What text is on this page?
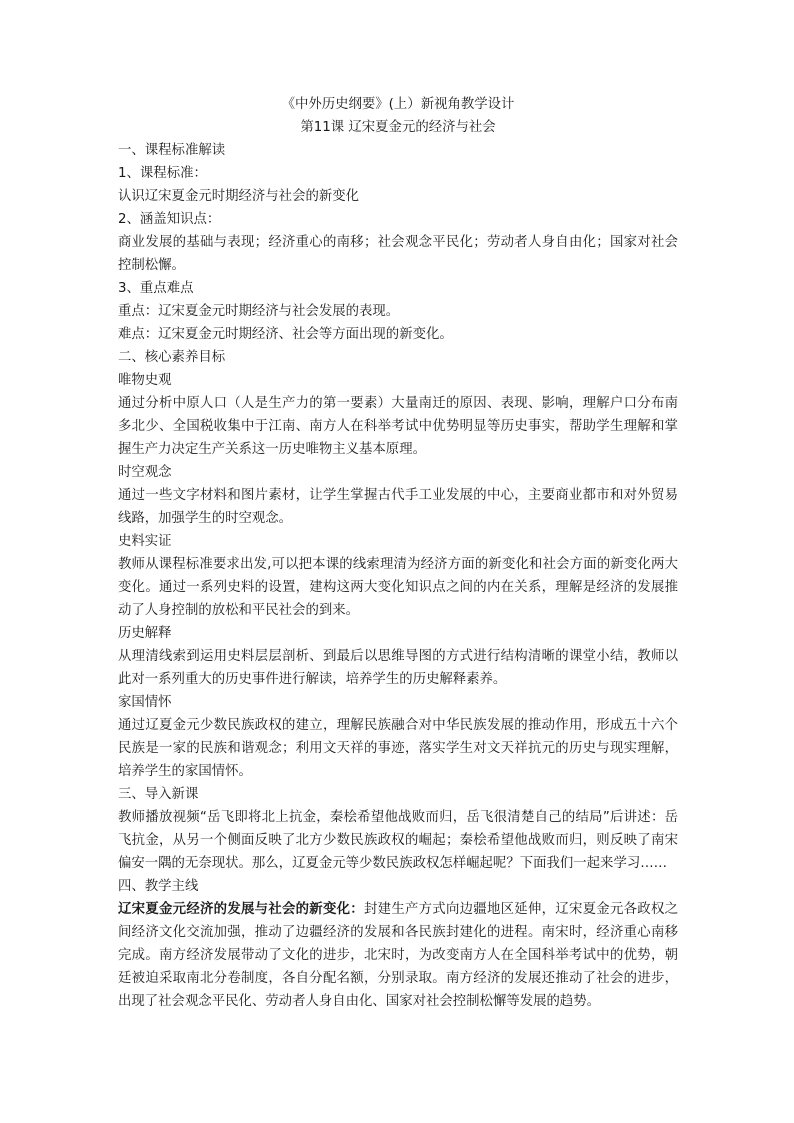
《中外历史纲要》(上）新视角教学设计

第11课 辽宋夏金元的经济与社会

一、课程标准解读

1、课程标准：

认识辽宋夏金元时期经济与社会的新变化

2、涵盖知识点：

商业发展的基础与表现；经济重心的南移；社会观念平民化；劳动者人身自由化；国家对社会控制松懈。

3、重点难点

重点：辽宋夏金元时期经济与社会发展的表现。

难点：辽宋夏金元时期经济、社会等方面出现的新变化。

二、核心素养目标

唯物史观

通过分析中原人口（人是生产力的第一要素）大量南迁的原因、表现、影响，理解户口分布南多北少、全国税收集中于江南、南方人在科举考试中优势明显等历史事实，帮助学生理解和掌握生产力决定生产关系这一历史唯物主义基本原理。

时空观念

通过一些文字材料和图片素材，让学生掌握古代手工业发展的中心，主要商业都市和对外贸易线路，加强学生的时空观念。

史料实证

教师从课程标准要求出发,可以把本课的线索理清为经济方面的新变化和社会方面的新变化两大变化。通过一系列史料的设置，建构这两大变化知识点之间的内在关系，理解是经济的发展推动了人身控制的放松和平民社会的到来。

历史解释

从理清线索到运用史料层层剖析、到最后以思维导图的方式进行结构清晰的课堂小结，教师以此对一系列重大的历史事件进行解读，培养学生的历史解释素养。

家国情怀

通过辽夏金元少数民族政权的建立，理解民族融合对中华民族发展的推动作用，形成五十六个民族是一家的民族和谐观念；利用文天祥的事迹，落实学生对文天祥抗元的历史与现实理解，培养学生的家国情怀。

三、导入新课

教师播放视频“岳飞即将北上抗金，秦桧希望他战败而归，岳飞很清楚自己的结局”后讲述：岳飞抗金，从另一个侧面反映了北方少数民族政权的崛起；秦桧希望他战败而归，则反映了南宋偏安一隅的无奈现状。那么，辽夏金元等少数民族政权怎样崛起呢？下面我们一起来学习……

四、教学主线

辽宋夏金元经济的发展与社会的新变化：封建生产方式向边疆地区延伸，辽宋夏金元各政权之间经济文化交流加强，推动了边疆经济的发展和各民族封建化的进程。南宋时，经济重心南移完成。南方经济发展带动了文化的进步，北宋时，为改变南方人在全国科举考试中的优势，朝廷被迫采取南北分卷制度，各自分配名额，分别录取。南方经济的发展还推动了社会的进步，出现了社会观念平民化、劳动者人身自由化、国家对社会控制松懈等发展的趋势。
